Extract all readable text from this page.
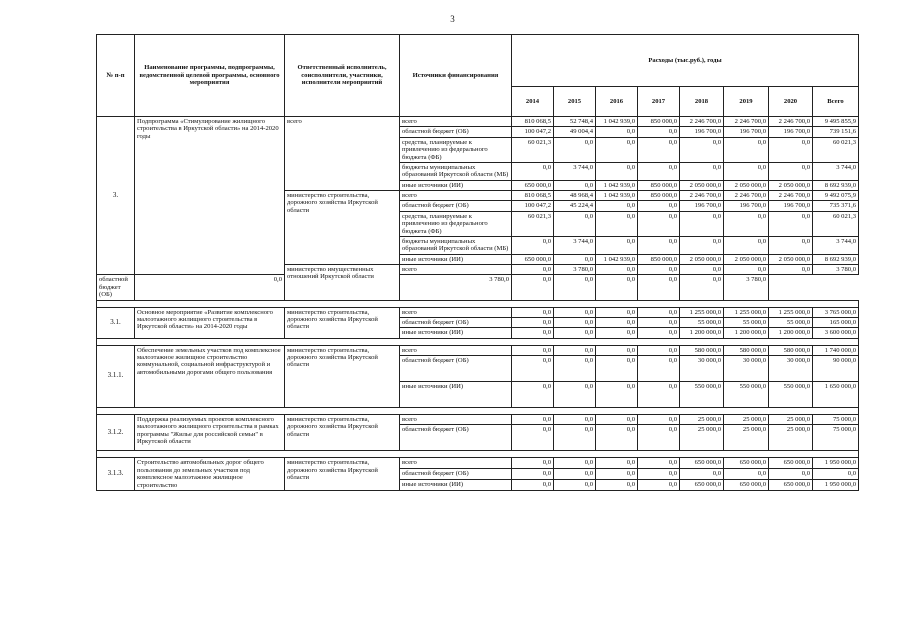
3
№ п-п	Наименование программы, подпрограммы, ведомственной целевой программы, основного мероприятия	Ответственный исполнитель, соисполнители, участники, исполнители мероприятий	Источники финансирования	Расходы (тыс.руб.), годы							
				2014	2015	2016	2017	2018	2019	2020	Всего
3.	Подпрограмма «Стимулирование жилищного строительства в Иркутской области» на 2014-2020 годы	всего	всего	810 068,5	52 748,4	1 042 939,0	850 000,0	2 246 700,0	2 246 700,0	2 246 700,0	9 495 855,9
			областной бюджет (ОБ)	100 047,2	49 004,4	0,0	0,0	196 700,0	196 700,0	196 700,0	739 151,6
			средства, планируемые к привлечению из федерального бюджета (ФБ)	60 021,3	0,0	0,0	0,0	0,0	0,0	0,0	60 021,3
			бюджеты муниципальных образований Иркутской области (МБ)	0,0	3 744,0	0,0	0,0	0,0	0,0	0,0	3 744,0
			иные источники (ИИ)	650 000,0	0,0	1 042 939,0	850 000,0	2 050 000,0	2 050 000,0	2 050 000,0	8 692 939,0
		министерство строительства, дорожного хозяйства Иркутской области	всего	810 068,5	48 968,4	1 042 939,0	850 000,0	2 246 700,0	2 246 700,0	2 246 700,0	9 492 075,9
			областной бюджет (ОБ)	100 047,2	45 224,4	0,0	0,0	196 700,0	196 700,0	196 700,0	735 371,6
			средства, планируемые к привлечению из федерального бюджета (ФБ)	60 021,3	0,0	0,0	0,0	0,0	0,0	0,0	60 021,3
			бюджеты муниципальных образований Иркутской области (МБ)	0,0	3 744,0	0,0	0,0	0,0	0,0	0,0	3 744,0
			иные источники (ИИ)	650 000,0	0,0	1 042 939,0	850 000,0	2 050 000,0	2 050 000,0	2 050 000,0	8 692 939,0
		министерство имущественных отношений Иркутской области	всего	0,0	3 780,0	0,0	0,0	0,0	0,0	0,0	3 780,0
областной бюджет (ОБ)	0,0		3 780,0	0,0	0,0	0,0	0,0	0,0	3 780,0		

3.1.	Основное мероприятие «Развитие комплексного малоэтажного жилищного строительства в Иркутской области» на 2014-2020 годы	министерство строительства, дорожного хозяйства Иркутской области	всего	0,0	0,0	0,0	0,0	1 255 000,0	1 255 000,0	1 255 000,0	3 765 000,0
			областной бюджет (ОБ)	0,0	0,0	0,0	0,0	55 000,0	55 000,0	55 000,0	165 000,0
			иные источники (ИИ)	0,0	0,0	0,0	0,0	1 200 000,0	1 200 000,0	1 200 000,0	3 600 000,0

3.1.1.	Обеспечение земельных участков под комплексное малоэтажное жилищное строительство коммунальной, социальной инфраструктурой и автомобильными дорогами общего пользования	министерство строительства, дорожного хозяйства Иркутской области	всего	0,0	0,0	0,0	0,0	580 000,0	580 000,0	580 000,0	1 740 000,0
			областной бюджет (ОБ)	0,0	0,0	0,0	0,0	30 000,0	30 000,0	30 000,0	90 000,0
			иные источники (ИИ)	0,0	0,0	0,0	0,0	550 000,0	550 000,0	550 000,0	1 650 000,0

3.1.2.	Поддержка реализуемых проектов комплексного малоэтажного жилищного строительства в рамках программы "Жилье для российской семьи" в Иркутской области	министерство строительства, дорожного хозяйства Иркутской области	всего	0,0	0,0	0,0	0,0	25 000,0	25 000,0	25 000,0	75 000,0
			областной бюджет (ОБ)	0,0	0,0	0,0	0,0	25 000,0	25 000,0	25 000,0	75 000,0

3.1.3.	Строительство автомобильных дорог общего пользования до земельных участков под комплексное малоэтажное жилищное строительство	министерство строительства, дорожного хозяйства Иркутской области	всего	0,0	0,0	0,0	0,0	650 000,0	650 000,0	650 000,0	1 950 000,0
			областной бюджет (ОБ)	0,0	0,0	0,0	0,0	0,0	0,0	0,0	0,0
			иные источники (ИИ)	0,0	0,0	0,0	0,0	650 000,0	650 000,0	650 000,0	1 950 000,0
